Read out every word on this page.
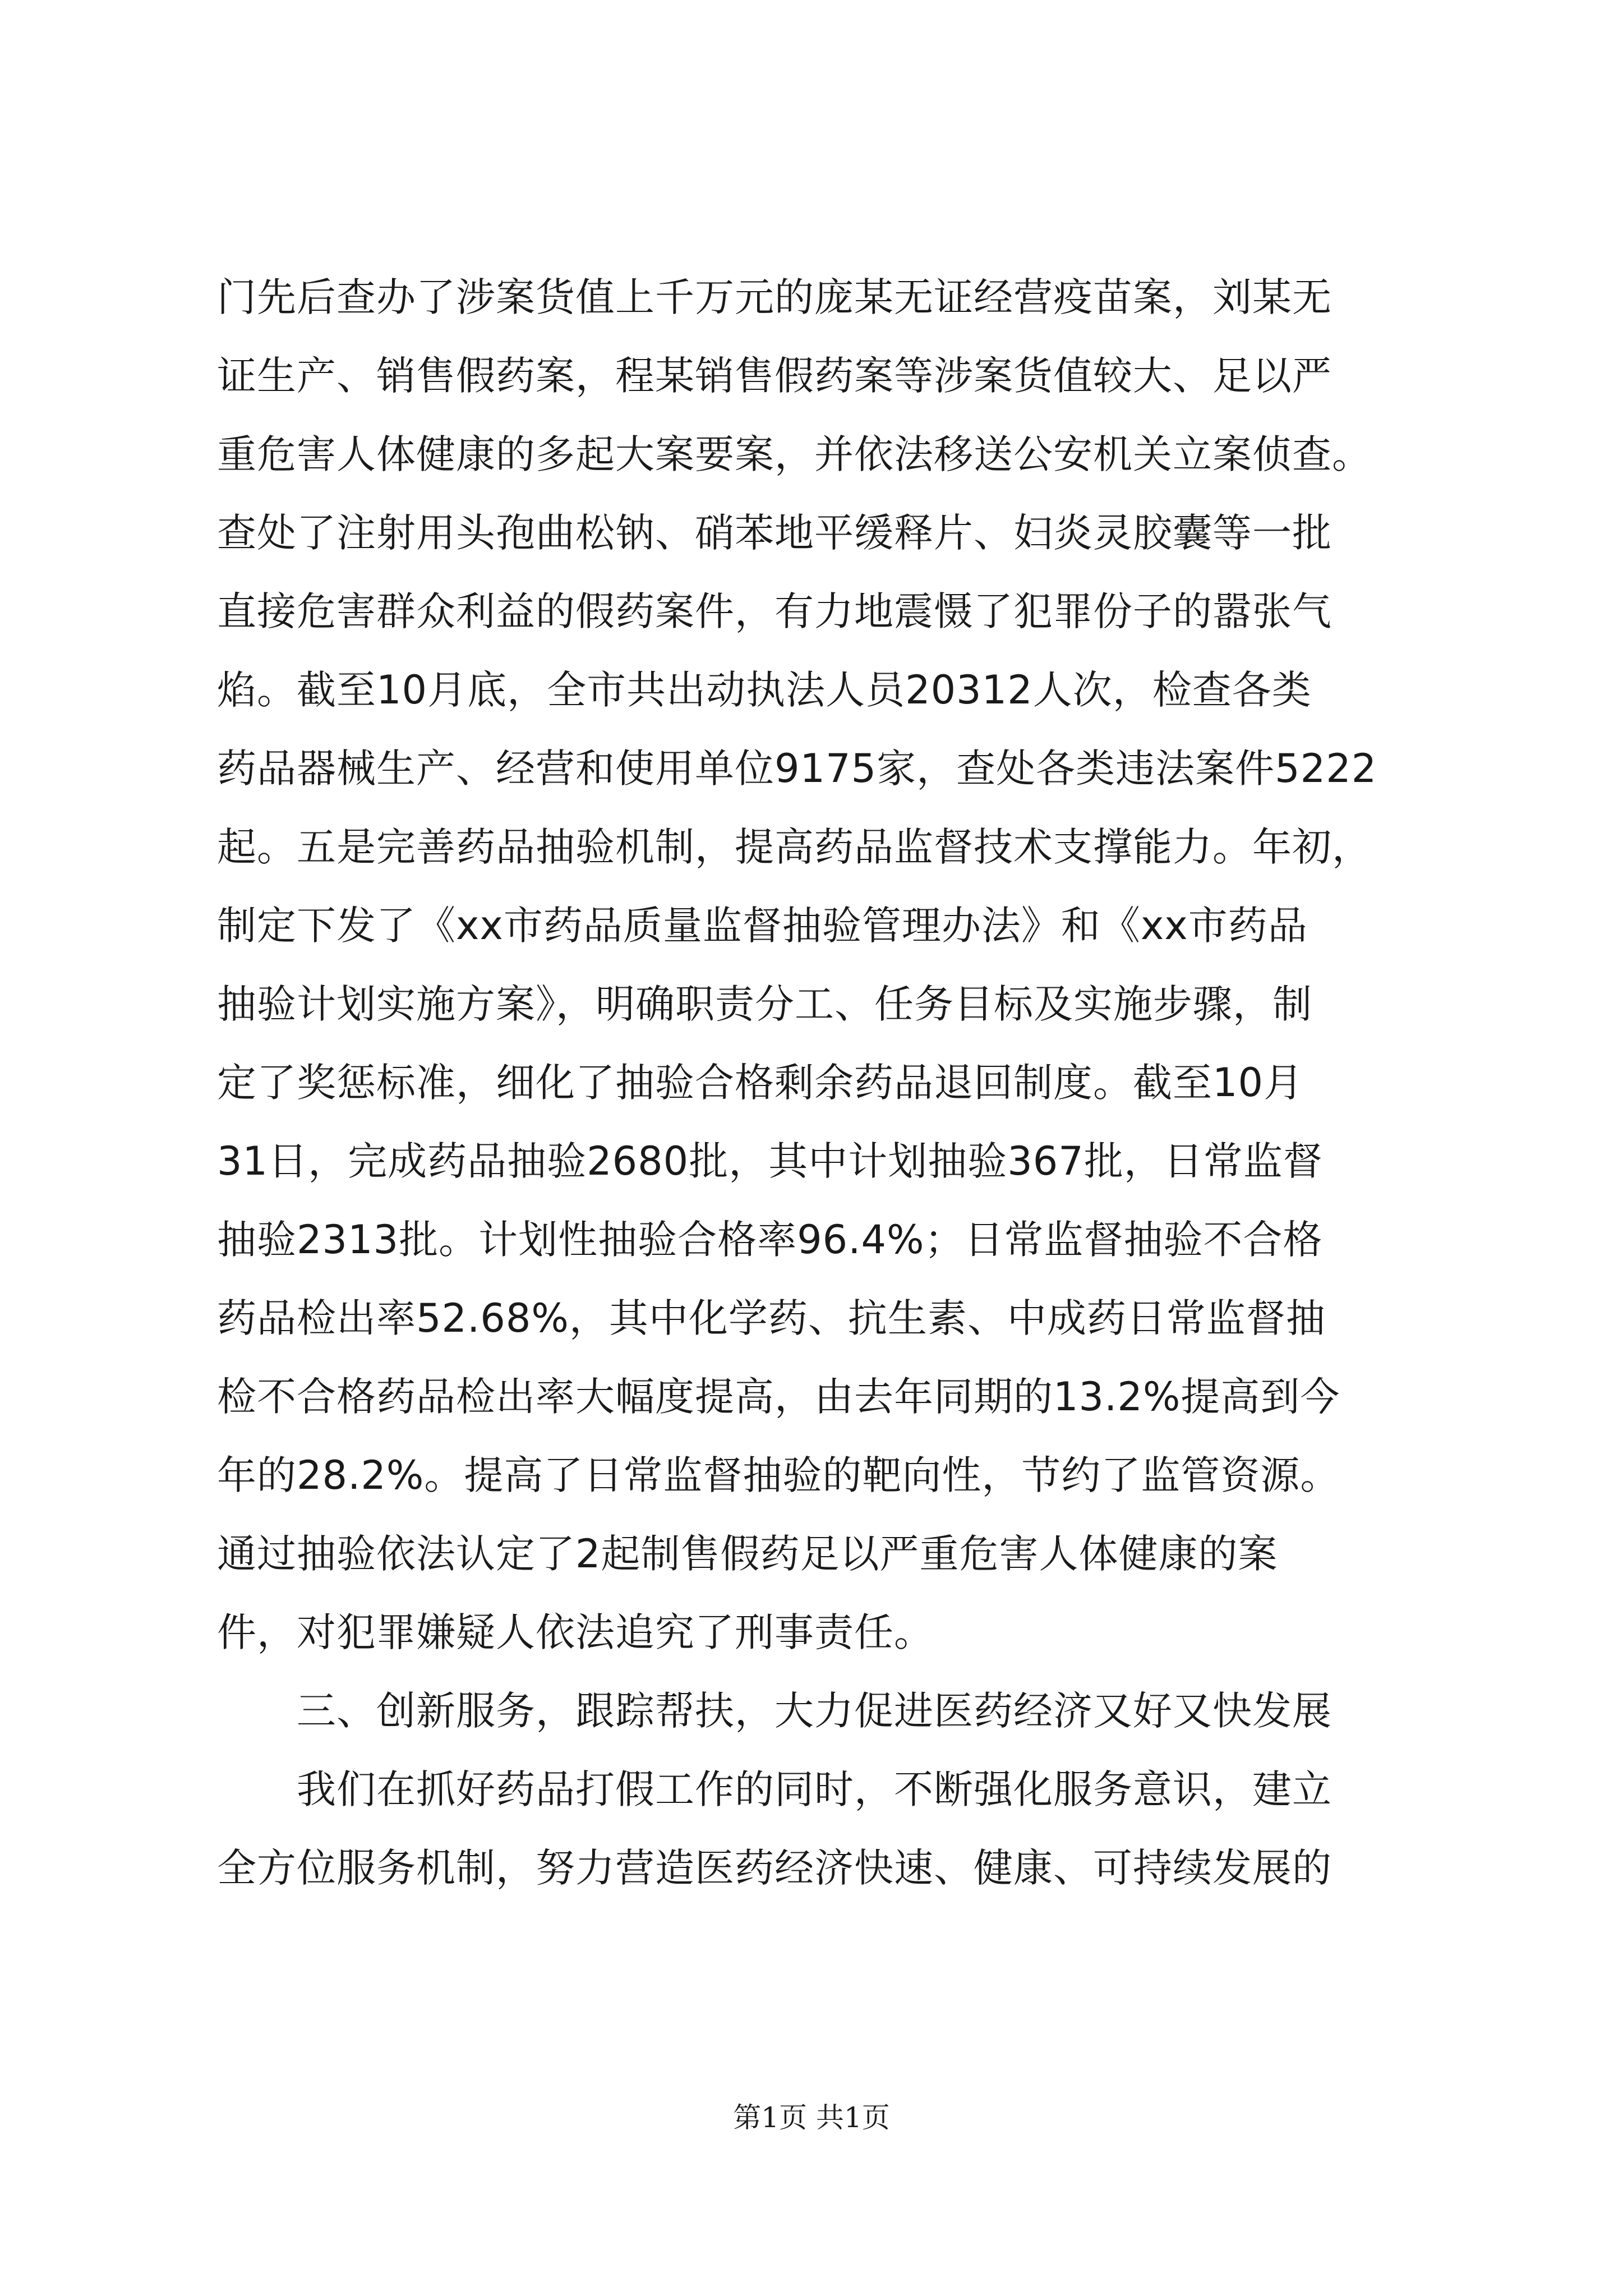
门先后查办了涉案货值上千万元的庞某无证经营疫苗案，刘某无
证生产、销售假药案，程某销售假药案等涉案货值较大、足以严
重危害人体健康的多起大案要案，并依法移送公安机关立案侦查。
查处了注射用头孢曲松钠、硝苯地平缓释片、妇炎灵胶囊等一批
直接危害群众利益的假药案件，有力地震慑了犯罪份子的嚣张气
焰。截至10月底，全市共出动执法人员20312人次，检查各类
药品器械生产、经营和使用单位9175家，查处各类违法案件5222
起。五是完善药品抽验机制，提高药品监督技术支撑能力。年初，
制定下发了《xx市药品质量监督抽验管理办法》和《xx市药品
抽验计划实施方案》，明确职责分工、任务目标及实施步骤，制
定了奖惩标准，细化了抽验合格剩余药品退回制度。截至10月
31日，完成药品抽验2680批，其中计划抽验367批，日常监督
抽验2313批。计划性抽验合格率96.4%；日常监督抽验不合格
药品检出率52.68%，其中化学药、抗生素、中成药日常监督抽
检不合格药品检出率大幅度提高，由去年同期的13.2%提高到今
年的28.2%。提高了日常监督抽验的靶向性，节约了监管资源。
通过抽验依法认定了2起制售假药足以严重危害人体健康的案
件，对犯罪嫌疑人依法追究了刑事责任。
　　三、创新服务，跟踪帮扶，大力促进医药经济又好又快发展
　　我们在抓好药品打假工作的同时，不断强化服务意识，建立
全方位服务机制，努力营造医药经济快速、健康、可持续发展的
第1页 共1页
